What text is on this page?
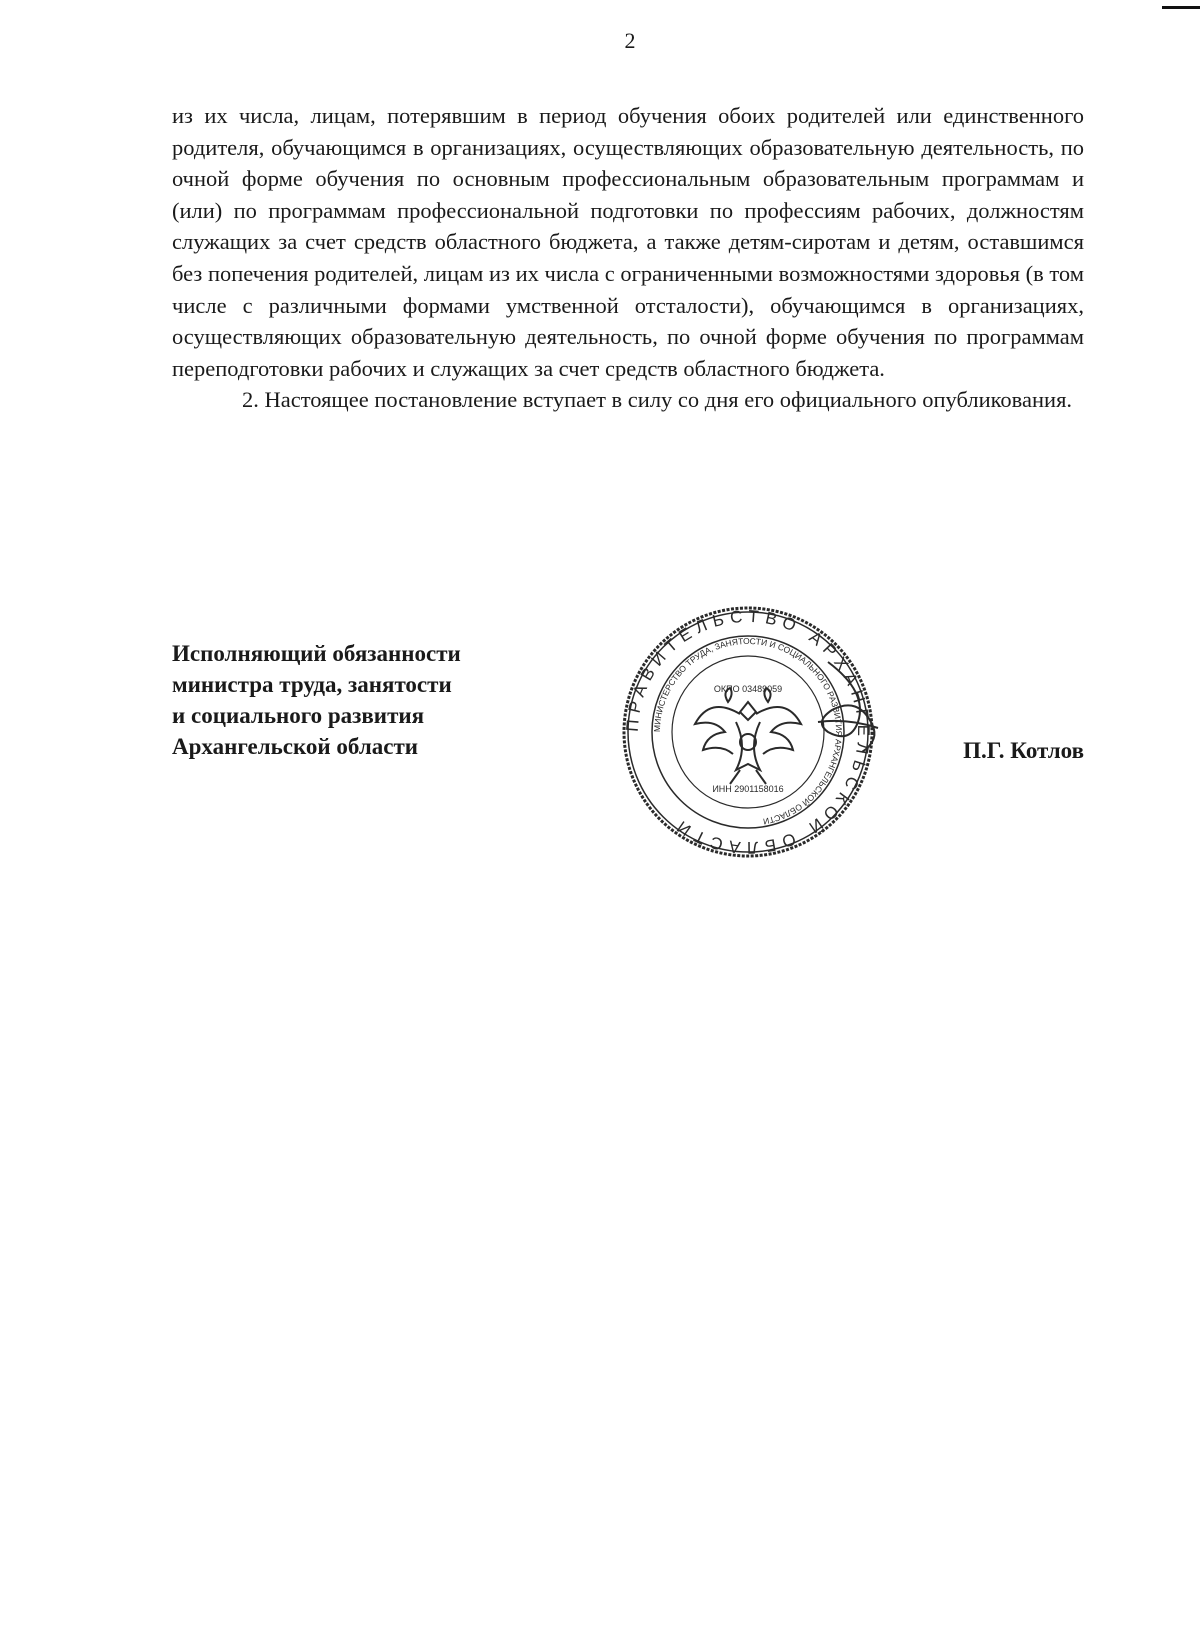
2

из их числа, лицам, потерявшим в период обучения обоих родителей или единственного родителя, обучающимся в организациях, осуществляющих образовательную деятельность, по очной форме обучения по основным профессиональным образовательным программам и (или) по программам профессиональной подготовки по профессиям рабочих, должностям служащих за счет средств областного бюджета, а также детям-сиротам и детям, оставшимся без попечения родителей, лицам из их числа с ограниченными возможностями здоровья (в том числе с различными формами умственной отсталости), обучающимся в организациях, осуществляющих образовательную деятельность, по очной форме обучения по программам переподготовки рабочих и служащих за счет средств областного бюджета.

2. Настоящее постановление вступает в силу со дня его официального опубликования.

Исполняющий обязанности
министра труда, занятости
и социального развития
Архангельской области
ПРАВИТЕЛЬСТВО АРХАНГЕЛЬСКОЙ ОБЛАСТИ
МИНИСТЕРСТВО ТРУДА, ЗАНЯТОСТИ И СОЦИАЛЬНОГО РАЗВИТИЯ АРХАНГЕЛЬСКОЙ ОБЛАСТИ
ОКПО 03489059
ИНН 2901158016
П.Г. Котлов
